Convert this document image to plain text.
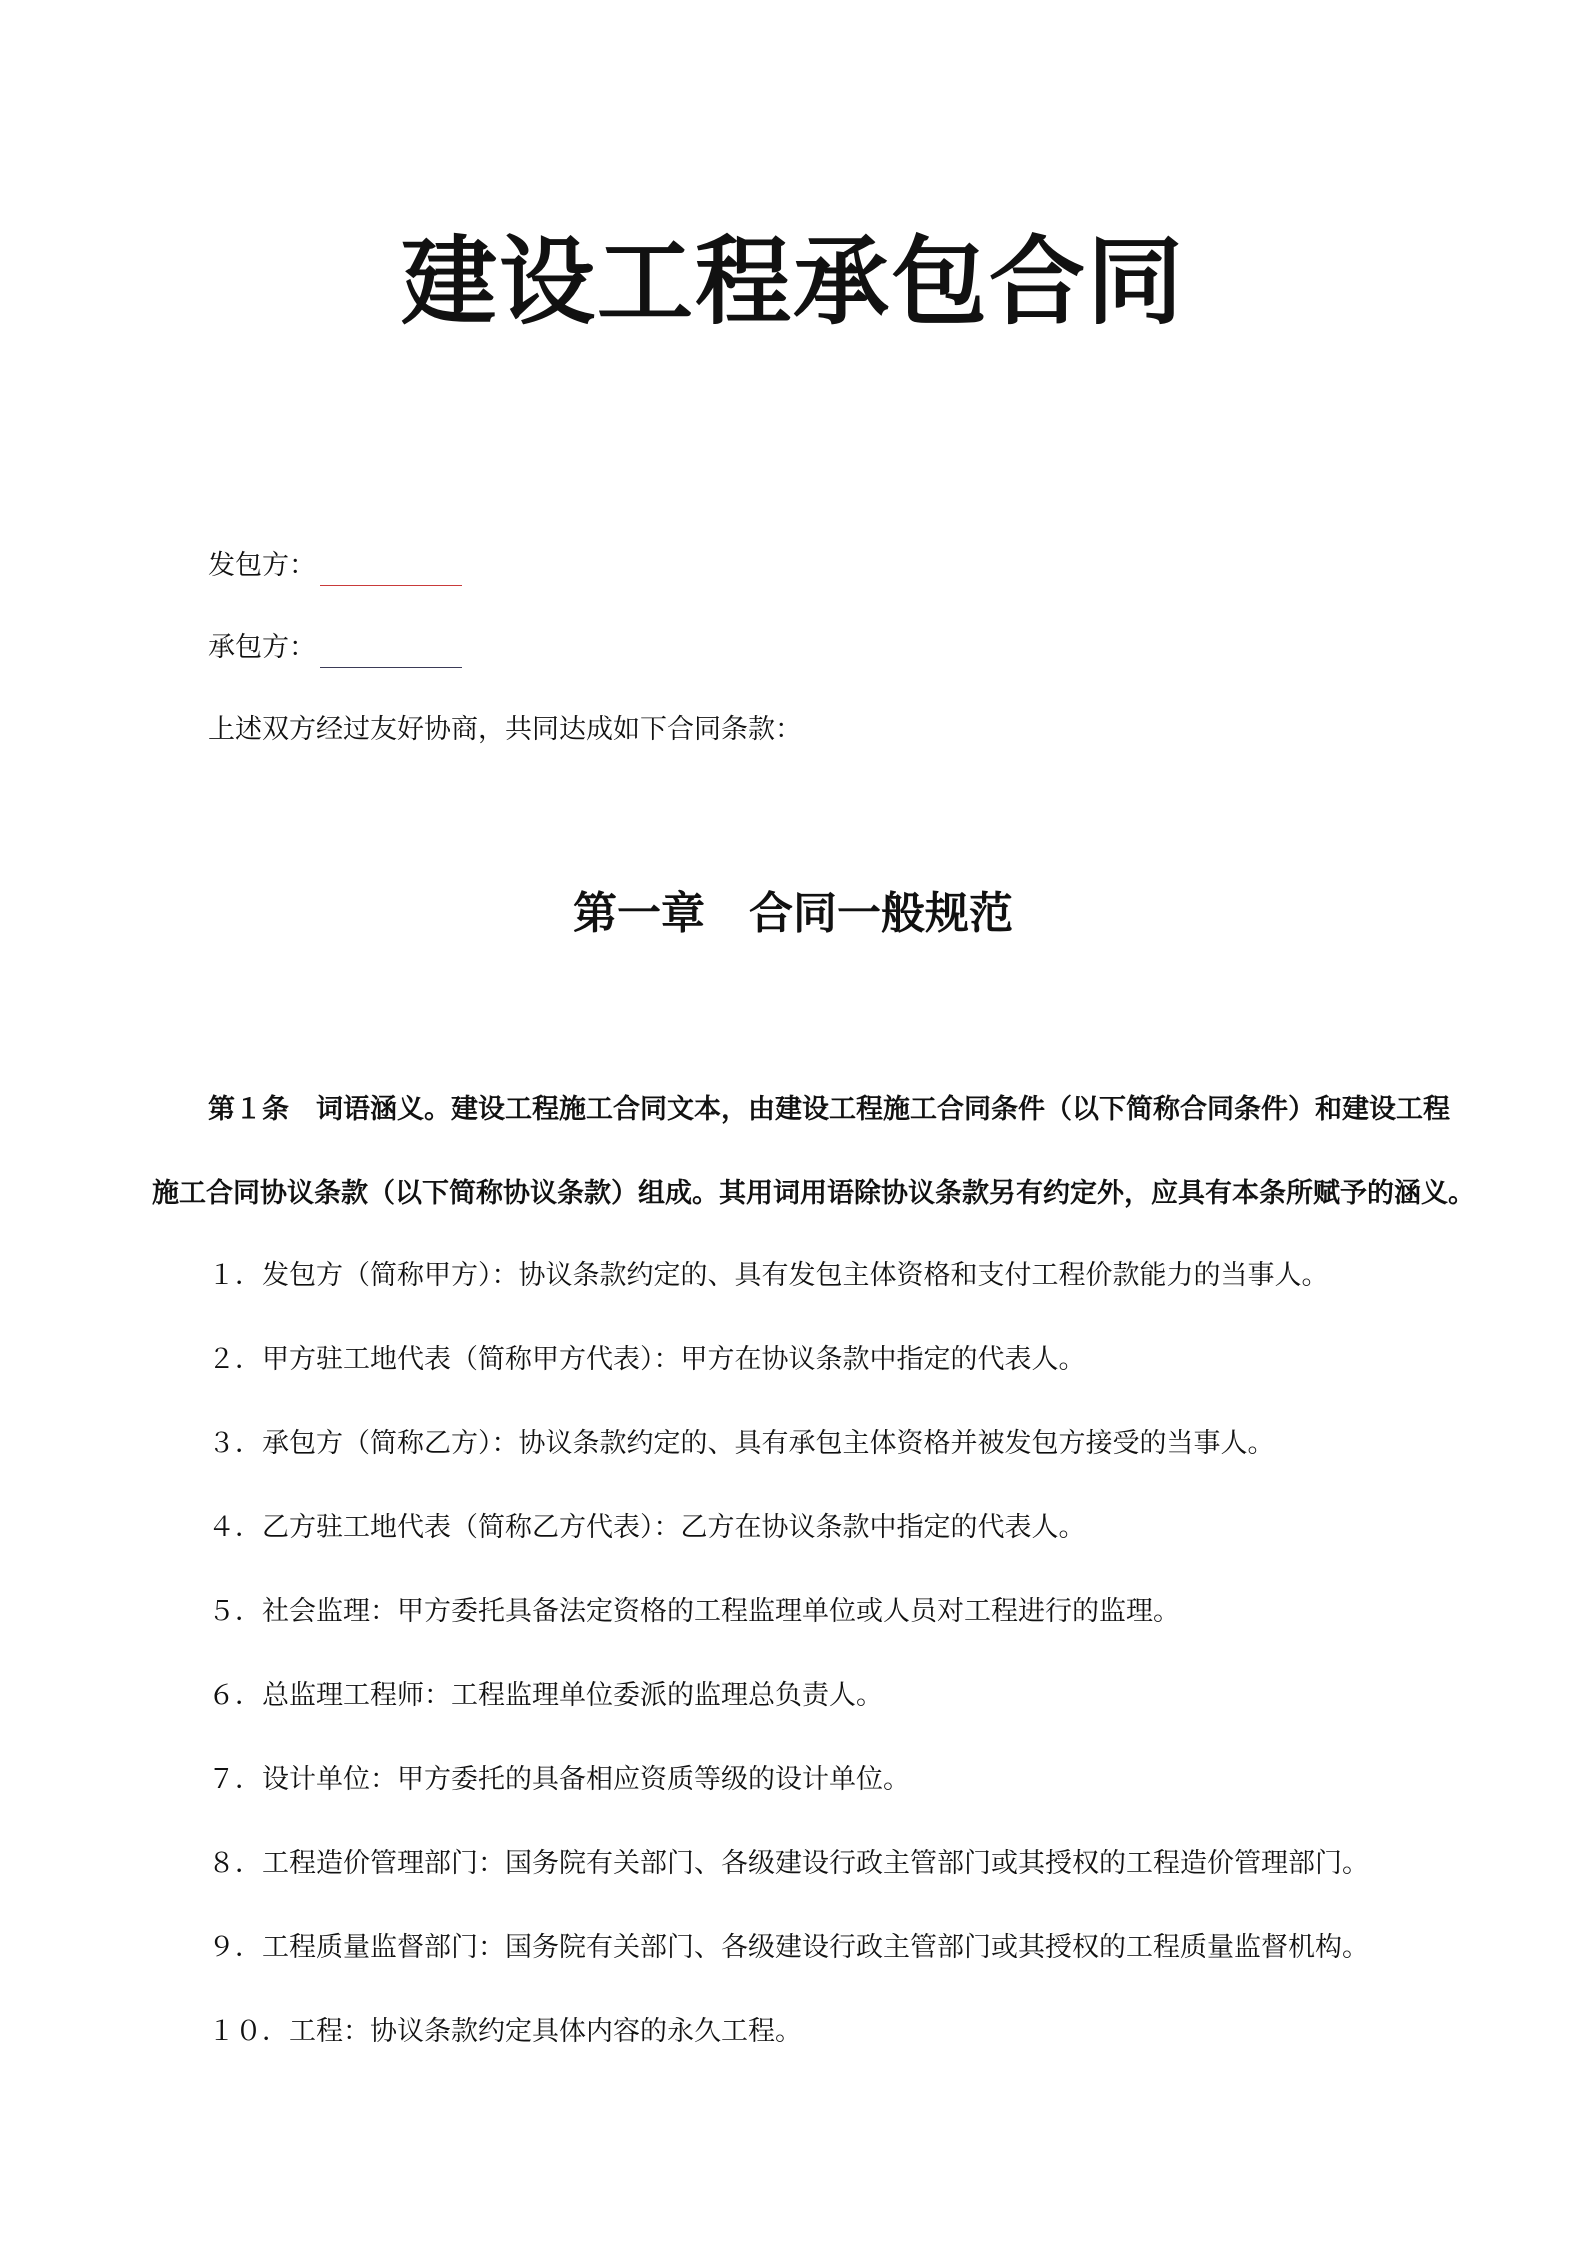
建设工程承包合同
发包方：
承包方：

上述双方经过友好协商，共同达成如下合同条款：

第一章　合同一般规范

第１条　词语涵义。建设工程施工合同文本，由建设工程施工合同条件（以下简称合同条件）和建设工程

施工合同协议条款（以下简称协议条款）组成。其用词用语除协议条款另有约定外，应具有本条所赋予的涵义。

１．发包方（简称甲方）：协议条款约定的、具有发包主体资格和支付工程价款能力的当事人。

２．甲方驻工地代表（简称甲方代表）：甲方在协议条款中指定的代表人。

３．承包方（简称乙方）：协议条款约定的、具有承包主体资格并被发包方接受的当事人。

４．乙方驻工地代表（简称乙方代表）：乙方在协议条款中指定的代表人。

５．社会监理：甲方委托具备法定资格的工程监理单位或人员对工程进行的监理。

６．总监理工程师：工程监理单位委派的监理总负责人。

７．设计单位：甲方委托的具备相应资质等级的设计单位。

８．工程造价管理部门：国务院有关部门、各级建设行政主管部门或其授权的工程造价管理部门。

９．工程质量监督部门：国务院有关部门、各级建设行政主管部门或其授权的工程质量监督机构。

１０．工程：协议条款约定具体内容的永久工程。
